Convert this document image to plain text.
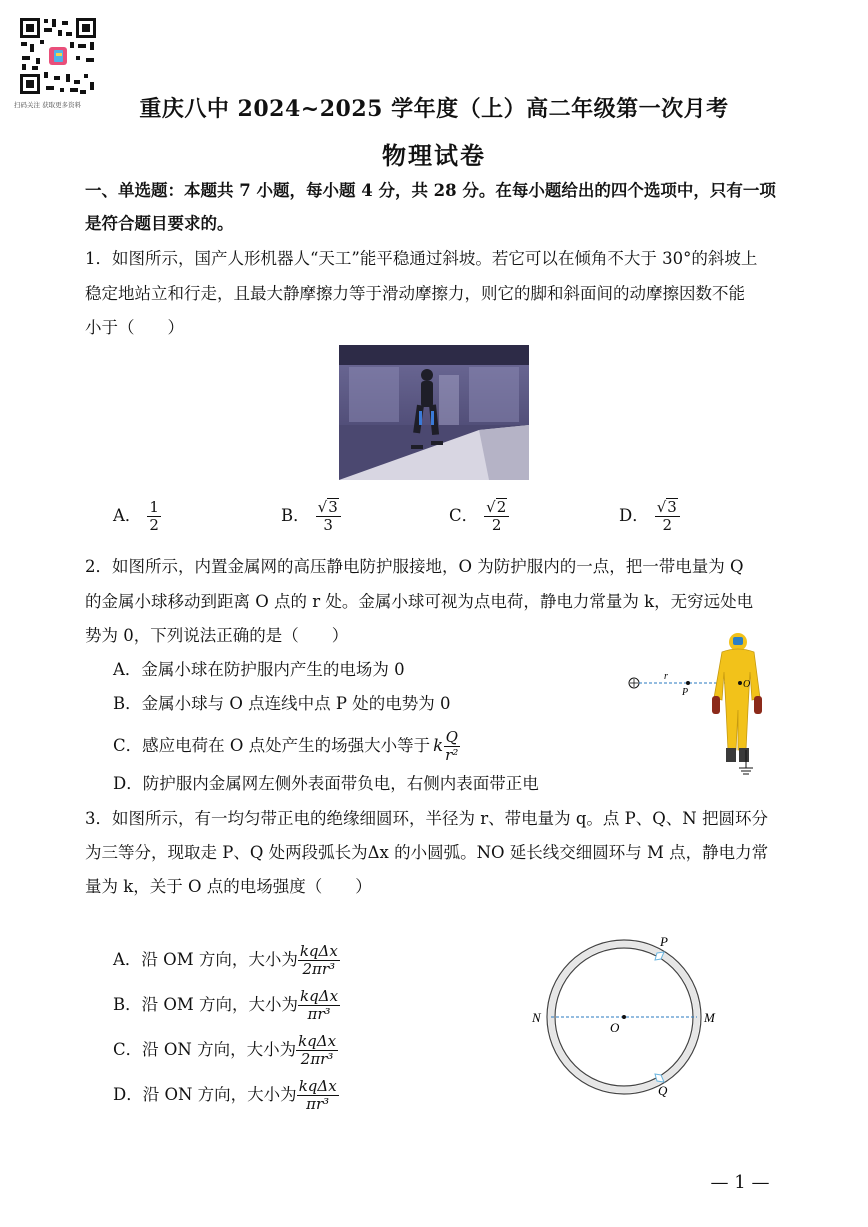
扫码关注 获取更多资料	重庆八中 2024~2025 学年度（上）高二年级第一次月考
物理试卷
一、单选题：本题共 7 小题，每小题 4 分，共 28 分。在每小题给出的四个选项中，只有一项
是符合题目要求的。
1．如图所示，国产人形机器人“天工”能平稳通过斜坡。若它可以在倾角不大于 30°的斜坡上
稳定地站立和行走，且最大静摩擦力等于滑动摩擦力，则它的脚和斜面间的动摩擦因数不能
小于（　　）
A． $\frac{1}{2}$	B． $\frac{√ 3}{3}$	C． $\frac{√ 2}{2}$	D． $\frac{√ 3}{2}$
2．如图所示，内置金属网的高压静电防护服接地，O 为防护服内的一点，把一带电量为 Q
的金属小球移动到距离 O 点的 r 处。金属小球可视为点电荷，静电力常量为 k，无穷远处电
势为 0，下列说法正确的是（　　）
A．金属小球在防护服内产生的电场为 0
B．金属小球与 O 点连线中点 P 处的电势为 0
C．感应电荷在 O 点处产生的场强大小等于 k $\frac{Q}{\text{r²}}$
D．防护服内金属网左侧外表面带负电，右侧内表面带正电
r
P
O
3．如图所示，有一均匀带正电的绝缘细圆环，半径为 r、带电量为 q。点 P、Q、N 把圆环分
为三等分，现取走 P、Q 处两段弧长为Δx 的小圆弧。NO 延长线交细圆环与 M 点，静电力常
量为 k，关于 O 点的电场强度（　　）
A．沿 OM 方向，大小为 $\frac{\text{kqΔx}}{\text{2πr³}}$
B．沿 OM 方向，大小为 $\frac{\text{kqΔx}}{\text{πr³}}$
C．沿 ON 方向，大小为 $\frac{\text{kqΔx}}{\text{2πr³}}$
D．沿 ON 方向，大小为 $\frac{\text{kqΔx}}{\text{πr³}}$
P
Q
N	M
O
— 1 —
